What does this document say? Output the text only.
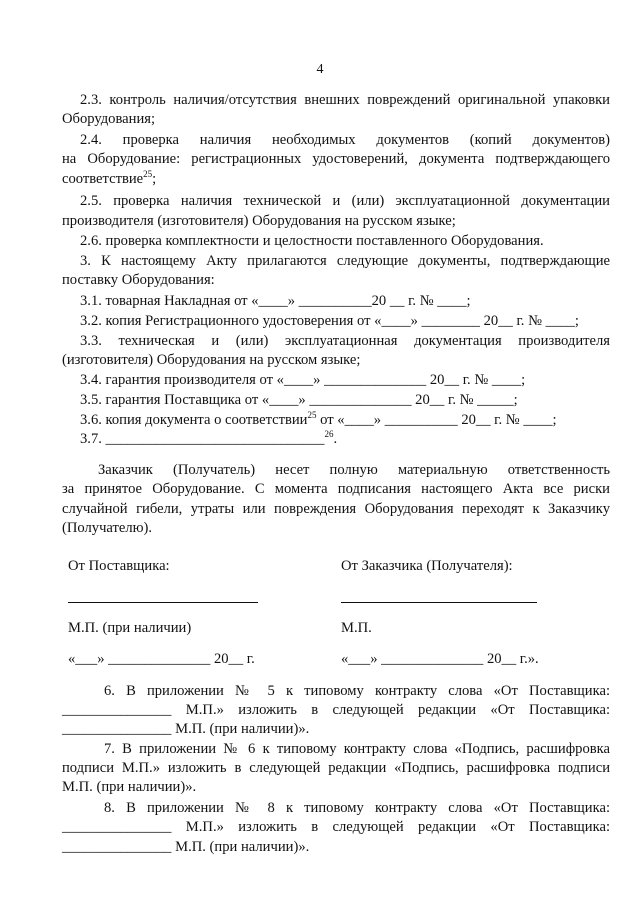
4
2.3. контроль наличия/отсутствия внешних повреждений оригинальной упаковки
Оборудования;
2.4. проверка наличия необходимых документов (копий документов)
на Оборудование: регистрационных удостоверений, документа подтверждающего
соответствие$^{25}$;
2.5. проверка наличия технической и (или) эксплуатационной документации
производителя (изготовителя) Оборудования на русском языке;
2.6. проверка комплектности и целостности поставленного Оборудования.
3. К настоящему Акту прилагаются следующие документы, подтверждающие
поставку Оборудования:
3.1. товарная Накладная от «____» __________20 __ г. № ____;
3.2. копия Регистрационного удостоверения от «____» ________ 20__ г. № ____;
3.3. техническая и (или) эксплуатационная документация производителя
(изготовителя) Оборудования на русском языке;
3.4. гарантия производителя от «____» ______________ 20__ г. № ____;
3.5. гарантия Поставщика от «____» ______________ 20__ г. № _____;
3.6. копия документа о соответствии$^{25}$ от «____» __________ 20__ г. № ____;
3.7. ______________________________$^{26}$.
Заказчик (Получатель) несет полную материальную ответственность
за принятое Оборудование. С момента подписания настоящего Акта все риски
случайной гибели, утраты или повреждения Оборудования переходят к Заказчику
(Получателю).
От Поставщика:	От Заказчика (Получателя):
М.П. (при наличии)	М.П.
«___» ______________ 20__ г.	«___» ______________ 20__ г.».
6. В приложении № 5 к типовому контракту слова «От Поставщика:
_______________ М.П.» изложить в следующей редакции «От Поставщика:
_______________ М.П. (при наличии)».
7. В приложении № 6 к типовому контракту слова «Подпись, расшифровка
подписи М.П.» изложить в следующей редакции «Подпись, расшифровка подписи
М.П. (при наличии)».
8. В приложении № 8 к типовому контракту слова «От Поставщика:
_______________ М.П.» изложить в следующей редакции «От Поставщика:
_______________ М.П. (при наличии)».
